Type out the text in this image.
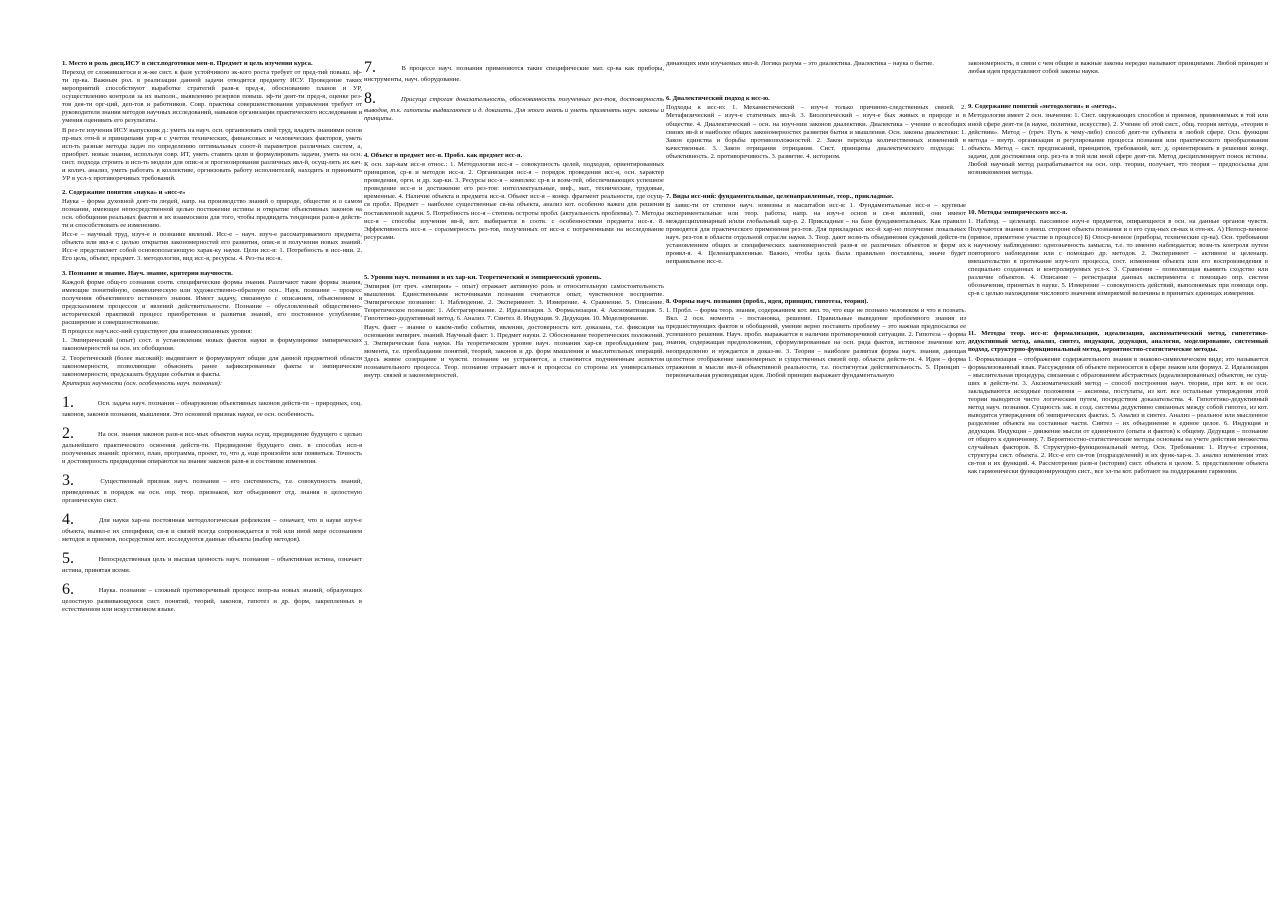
1. Место и роль дисц.ИСУ в сист.подготовки мен-в. Предмет и цель изучения курса.

Переход от сложившегося в ж-же сист. к фазе устойчивого эк-кого роста требует от пред-тий повыш. эф-ти пр-ва. Важным рол. в реализации данной задачи отводится предмету ИСУ. Проведение таких мероприятий способствуют выработке стратегий разв-я пред-я, обоснованию планов и УР, осуществлению контроля за их выполн., выявлению резервов повыш. эф-ти деят-ти пред-я, оценке рез-тов дея-ти орг-ций, деп-тов и работников. Совр. практика совершенствования управления требует от руководителя знания методов научных исследований, навыков организации практического исследования и умения оценивать его результаты.

В рез-те изучения ИСУ выпускник д.: уметь на науч. осн. организовать свой труд, владеть знаниями основ пр-вых отн-й и принципами упр-я с учетом технических, финансовых и человеческих факторов, уметь исп-ть разные методы задач по определению оптимальных сооот-й параметров различных систем, а, приобрет. новые знания, используя совр. ИТ, уметь ставить цели и формулировать задачи, уметь на осн. сист. подхода строить и исп-ть модели для опис-я и прогнозирования различных явл-й, осущ-лять их кач. и колич. анализ, уметь работать в коллективе, оргнизовать работу исполнителей, находить и принимать УР в усл-х противоречивых требований.

2. Содержание понятия «наука» и «исс-е»

Наука – форма духовной деят-ти людей, напр. на производство знаний о природе, обществе и о самом познании, имеющее непосредственной целью постижение истины и открытие объективных законов на осн. обобщения реальных фактов в их взаимосвязи для того, чтобы предвидеть тенденции разв-я действ-ти и способствовать ее изменению.

Исс-е – научный труд, изуч-е и познание явлений. Исс-е – науч. изуч-е рассматриваемого предмета, объекта или явл-я с целью открытия закономерностей его развития, опис-я и получения новых знаний. Исс-е представляет собой основополагающую харак-ку науки. Цели исс-я: 1. Потребность в исс-нии. 2. Его цель, объект, предмет. 3. методологии, вид исс-я, ресурсы. 4. Рез-ты исс-я.

3. Познание и знание. Науч. знание, критерии научности.

Каждой форме общ-го сознания соотв. специфические формы знания. Различают такие формы знания, имеющие понятийную, символическую или художественно-образную осн.. Наук. познание – процесс получения объективного истинного знания. Имеет задачу, связанную с описанием, объяснением и предсказанием процессов и явлений действительности. Познание – обусловленный общественно-исторической практикой процесс приобретения и развития знаний, его постоянное углубление, расширение и совершенствование.

В процессе науч.исс-ний существуют два взаимосвязанных уровня:

1. Эмпирический (опыт) сост. в установлении новых фактов науки и формулировке эмпирических закономерностей на осн. их обобщения.

2. Теоретический (более высокий): выдвигают и формулируют общие для данной предметной области закономерности, позволяющие объяснить ранее зафиксированные факты и эмпирические закономерности, предсказать будущие события и факты.

Критерии научности (осн. особенность науч. познания):

1.	Осн. задача науч. познания – обнаружение объективных законов действ-ти – природных, соц. законов, законов познания, мышления. Это основной признак науки, ее осн. особенность.
2.	На осн. знания законов разв-я исс-мых объектов наука осущ. предвидение будущего с целью дальнейшего практического освоения действ-ти. Предвидение будущего связ. в способах исп-я полученных знаний: прогноз, план, программа, проект, то, что д. еще произойти или появиться. Точность и достоверность предвидения опираются на знание законов разв-я и состояние изменения.
3.	Существенный признак науч. познания – его системность, т.е. совокупность знаний, приведенных в порядок на осн. опр. теор. признаков, кот объединяют отд. знания в целостную органическую сист.
4.	Для науки хар-на постоянная методологическая рефлексия – означает, что в науке изуч-е объекта, выявл-е их специфики, св-в и связей всегда сопровождается в той или иной мере осознанием методов и приемов, посредством кот. исследуются данные объекты (выбор методов).
5.	Непосредственная цель и высшая ценность науч. познания – объективная истина, означает истина, принятая всеми.
6.	Наука. познание – сложный противоречивый процесс вопр-ва новых знаний, образующих целостную развивающуюся сист. понятий, теорий, законов, гипотез и др. форм, закрепленных в естественном или искусственном языке.
7.	В процессе науч. познания применяются такие специфические мат. ср-ва как приборы, инструменты, науч. оборудование.
8.	Присуща строгая доказательность, обоснованность полученных рез-тов, достоверность выводов, т.к. гипотезы выдвигаются и д. доказать. Для этого знать и уметь применять науч. законы и принципы.

4. Объект и предмет исс-я. Пробл. как предмет исс-я.

К осн. хар-кам исс-я относ.: 1. Методология исс-я – совокупность целей, подходов, ориентированных принципов, ср-в и методов исс-я. 2. Организация исс-я – порядок проведения исс-я, осн. характер проведения, оргн. и др. хар-ки. 3. Ресурсы исс-я – комплекс ср-в и возм-тей, обеспечивающих успешное проведение исс-я и достижение его рез-тов: интеллектуальные, инф., мат., технические, трудовые, временные. 4. Наличие объекта и предмета исс-я. Объект исс-я – конкр. фрагмент реальности, где осущ-ся пробл. Предмет – наиболее существенные св-ва объекта, анализ кот. особенно важен для решения поставленной задачи. 5. Потребность исс-я – степень остроты пробл. (актуальность проблемы). 7. Методы исс-я – способы изучения яв-й, кот. выбирается в соотв. с особенностями предмета исс-я. 8. Эффективность исс-я – соразмерность рез-тов, полученных от исс-я с потраченными на исследование ресурсами.

5. Уровни науч. познания и их хар-ки. Теоретический и эмпирический уровень.

Эмпирия (от греч. «эмпирия» – опыт) отражает активную роль и относительную самостоятельность мышления. Единственными источниками познания считаются опыт, чувственное восприятие. Эмпирическое познание: 1. Наблюдение. 2. Эксперимент. 3. Измерение. 4. Сравнение. 5. Описание. Теоретическое познание: 1. Абстрагирование. 2. Идеализация. 3. Формализация. 4. Аксиоматизация. 5. Гипотетико-дедуктивный метод. 6. Анализ. 7. Синтез. 8. Индукция. 9. Дедукция. 10. Моделирование.

Науч. факт – знание о каком-либо событии, явлении, достоверность кот. доказана, т.е. фиксация на основании эмпирич. знаний. Научный факт: 1. Предмет науки. 2. Обоснование теоретических положений. 3. Эмпирическая база науки. На теоретическом уровне науч. познания хар-ся преобладанием рац. момента, т.е. преобладание понятий, теорий, законов и др. форм мышления и мыслительных операций. Здесь живое созерцание и чувств. познание не устраняется, а становится подчиненным аспектом познавательного процесса. Теор. познание отражает явл-я и процессы со стороны их универсальных внутр. связей и закономерностей.

динающих ими изучаемых явл-й. Логика разума – это диалектика. Диалектика – наука о бытие.

6. Диалектический подход к исс-ю.

Подходы к исс-ю: 1. Механистический – изуч-е только причинно-следственных связей. 2. Метафизический – изуч-е статичных явл-й. 3. Биологический – изуч-е бых живых в природе и в обществе. 4. Диалектический – осн. на изуч-нии законов диалектики. Диалектика – учение о всеобщих связях яв-й и наиболее общих закономерностях развития бытия и мышления. Осн. законы диалектики: 1. Закон единства и борьбы противоположностей. 2. Закон перехода количественных изменений в качественные. 3. Закон отрицания отрицания. Сист. принципы диалектического подхода: 1. объективность. 2. противоречивость. 3. развитие. 4. историзм.

7. Виды исс-ний: фундаментальные, целенаправленные, теор., прикладные.

В завис-ти от степени науч. новизны и масштабов исс-я: 1. Фундаментальные исс-я – крупные экспериментальные или теор. работы, напр. на изуч-е основ и св-в явлений, они имеют междисциплинарный и/или глобальный хар-р. 2. Прикладные – на базе фундаментальных. Как правило проводятся для практического применения рез-тов. Для прикладных исс-й хар-но получение локальных науч. рез-тов в области отдельной отрасли науки. 3. Теор. дают возм-ть объединения суждений действ-ти установлением общих и специфических закономерностей разв-я ее различных объектов и форм их проявл-я. 4. Целенаправленные. Важно, чтобы цель была правильно поставлена, иначе будет неправильное исс-е.

8. Формы науч. познания (пробл., идея, принцип, гипотеза, теория).

1. Пробл. – форма теор. знания, содержанием кот. явл. то, что еще не познано человеком и что я познать. Вкл. 2 осн. момента - постановка, решение. Правильные выведение проблемного знания из предшествующих фактов и обобщений, умение верно поставить проблему – это важная предпосылка ее успешного решения. Науч. пробл. выражается в наличии противоречивой ситуации. 2. Гипотеза – форма знания, содержащая предположения, сформулированные на осн. ряда фактов, истинное значение кот. неопределенно и нуждается в доказ-ве. 3. Теория – наиболее развитая форма науч. знания, дающая целостное отображение закономерных и существенных связей опр. области действ-ти. 4. Идея – форма отражения в мысли явл-й объективной реальности, т.е. постигнутая действительность. 5. Принцип – первоначальная руководящая идея. Любой принцип выражает фундаментальную

закономерность, в связи с чем общие и важные законы нередко называют принципами. Любой принцип и любая идея представляют собой законы науки.

9. Содержание понятий «методология» и «метод».

Методология имеет 2 осн. значения: 1. Сист. окружающих способов и приемов, применяемых в той или иной сфере деят-ти (в науке, политике, искусстве). 2. Учение об этой сист., общ. теория метода, «теория в действии». Метод – (греч. Путь к чему-либо) способ деят-ти субъекта в любой сфере. Осн. функция метода – внутр. организация и регулирование процесса познания или практического преобразования объекта. Метод – сист. предписаний, принципов, требований, кот. д. ориентировать в решении конкр. задачи, для достижения опр. рез-та в той или иной сфере деят-ти. Метод дисциплинирует поиск истины. Любой научный метод разрабатывается на осн. опр. теории, получает, что теория – предпосылка для возникновения метода.

10. Методы эмпирического исс-я.

1. Наблюд. – целенапр. пассивное изуч-е предметов, опирающееся в осн. на данные органов чувств. Получаются знания о внеш. стороне объекта познания и о его сущ-ных св-вах и отн-ях. А) Непоср-венное (прямое, приметное участие в процессе) Б) Опоср-венное (приборы, технические ср-ва). Осн. требования к научному наблюдению: однозначность замысла, т.е. то именно наблюдается; возм-ть контроля путем повторного наблюдения или с помощью др. методов. 2. Эксперимент – активное и целенапр. вмешательство в протекание изуч-ого процесса, сост. изменения объекта или его воспроизведения в специально созданных и контролируемых усл-х. 3. Сравнение – позволяющая выявить сходство или различие объектов. 4. Описание – регистрация данных эксперимента с помощью опр. систем обозначения, принятых в науке. 5. Измерение – совокупность действий, выполняемых при помощи опр. ср-в с целью нахождения числового значения измеряемой величины в принятых единицах измерения.

11. Методы теор. исс-я: формализация, идеализация, аксиоматический метод, гипотетико-дедуктивный метод, анализ, синтез, индукция, дедукция, аналогия, моделирование, системный подход, структурно-функциональный метод, вероятностно-статистические методы.

1. Формализация – отображение содержательного знания в знаково-символическом виде; это называется формализованный язык. Рассуждения об объекте переносятся в сфере знаков или формул. 2. Идеализация – мыслительная процедура, связанная с образованием абстрактных (идеализированных) объектов, не сущ-ших в действ-ти. 3. Аксиоматический метод – способ построения науч. теории, при кот. в ее осн. закладываются исходные положения – аксиомы, постулаты, из кот. все остальные утверждения этой теории выводятся чисто логическим путем, посредством доказательства. 4. Гипотетико-дедуктивный метод науч. познания. Сущность зак. в созд. системы дедуктивно связанных между собой гипотез, из кот. выводятся утверждения об эмпирических фактах. 5. Анализ и синтез. Анализ – реальное или мысленное разделение объекта на составные части. Синтез – их объединение в единое целое. 6. Индукция и дедукция. Индукция – движение мысли от единичного (опыта и фактов) к общему. Дедукция – познание от общего к единичному. 7. Вероятностно-статистические методы основаны на учете действия множества случайных факторов. 8. Структурно-функциональный метод. Осн. Требования: 1. Изуч-е строения, структуры сист. объекта. 2. Исс-е его св-тов (подразделений) и их функ-хар-к. 3. анализ изменения этих св-тов и их функций. 4. Рассмотрение разв-я (истории) сист. объекта в целом. 5. представление объекта как гармонически функционирующую сист., все эл-ты кот. работают на поддержание гармонии.
